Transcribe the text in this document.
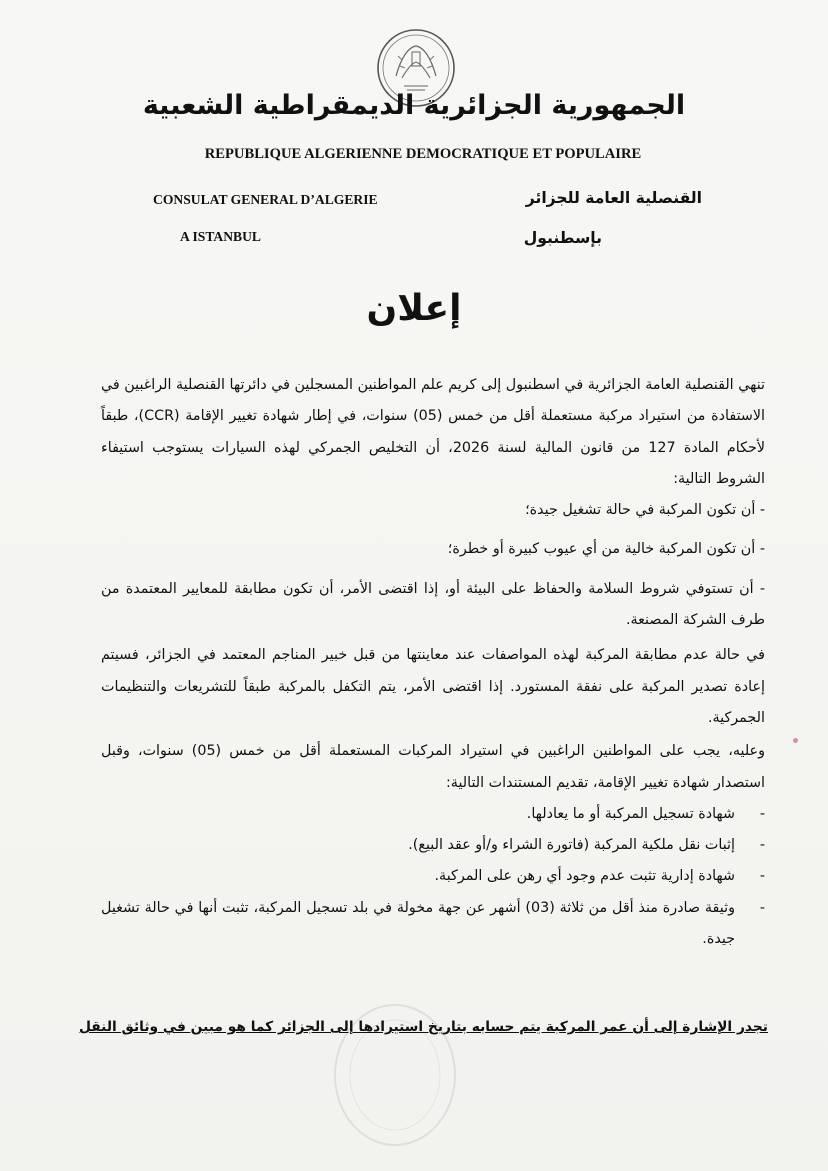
الجمهورية الجزائرية الديمقراطية الشعبية
REPUBLIQUE ALGERIENNE DEMOCRATIQUE ET POPULAIRE
CONSULAT GENERAL D’ALGERIE
A ISTANBUL
القنصلية العامة للجزائر
بإسطنبول
إعلان

تنهي القنصلية العامة الجزائرية في اسطنبول إلى كريم علم المواطنين المسجلين في دائرتها القنصلية الراغبين في الاستفادة من استيراد مركبة مستعملة أقل من خمس (05) سنوات، في إطار شهادة تغيير الإقامة (CCR)، طبقاً لأحكام المادة 127 من قانون المالية لسنة 2026، أن التخليص الجمركي لهذه السيارات يستوجب استيفاء الشروط التالية:

- أن تكون المركبة في حالة تشغيل جيدة؛

- أن تكون المركبة خالية من أي عيوب كبيرة أو خطرة؛

- أن تستوفي شروط السلامة والحفاظ على البيئة أو، إذا اقتضى الأمر، أن تكون مطابقة للمعايير المعتمدة من طرف الشركة المصنعة.

في حالة عدم مطابقة المركبة لهذه المواصفات عند معاينتها من قبل خبير المناجم المعتمد في الجزائر، فسيتم إعادة تصدير المركبة على نفقة المستورد. إذا اقتضى الأمر، يتم التكفل بالمركبة طبقاً للتشريعات والتنظيمات الجمركية.

وعليه، يجب على المواطنين الراغبين في استيراد المركبات المستعملة أقل من خمس (05) سنوات، وقبل استصدار شهادة تغيير الإقامة، تقديم المستندات التالية:

-
شهادة تسجيل المركبة أو ما يعادلها.
-
إثبات نقل ملكية المركبة (فاتورة الشراء و/أو عقد البيع).
-
شهادة إدارية تثبت عدم وجود أي رهن على المركبة.
-
وثيقة صادرة منذ أقل من ثلاثة (03) أشهر عن جهة مخولة في بلد تسجيل المركبة، تثبت أنها في حالة تشغيل جيدة.
تجدر الإشارة إلى أن عمر المركبة يتم حسابه بتاريخ استيرادها إلى الجزائر كما هو مبين في وثائق النقل
